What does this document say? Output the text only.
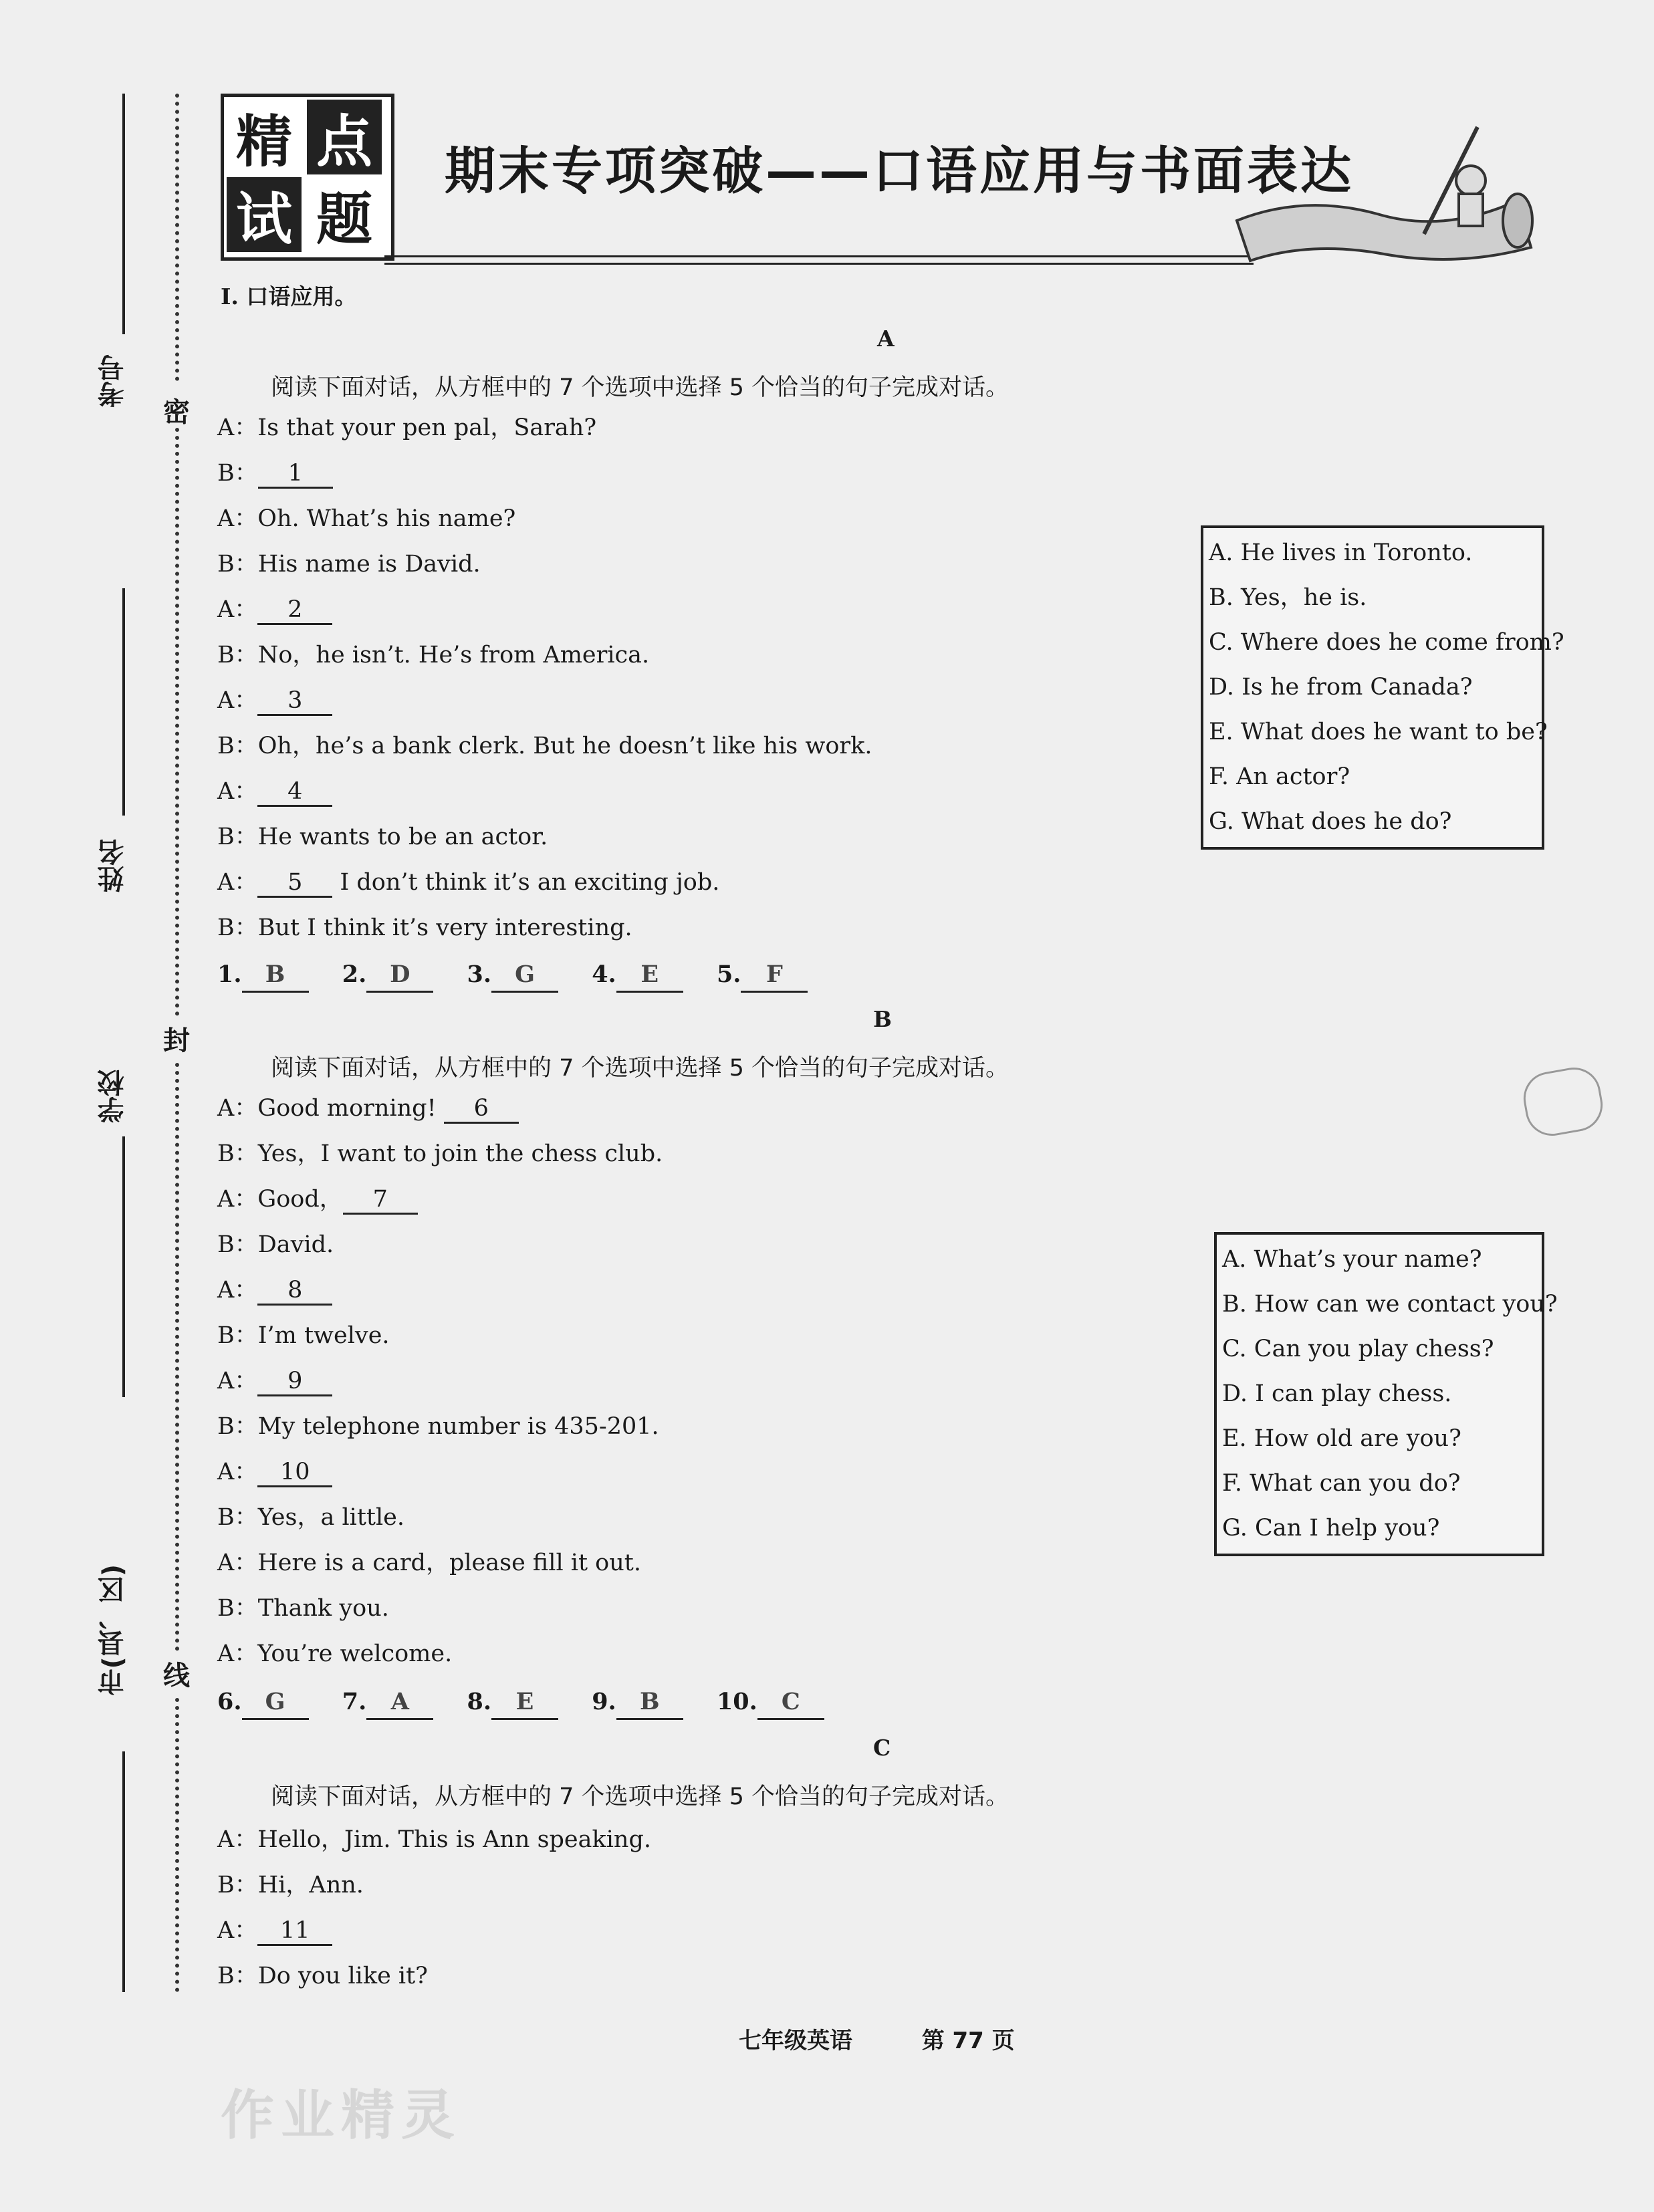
考号
姓名
学校
市(县、区)
密
封
线
精 点
试 题
期末专项突破——口语应用与书面表达
I. 口语应用。
A
阅读下面对话，从方框中的 7 个选项中选择 5 个恰当的句子完成对话。
A：Is that your pen pal，Sarah?
B： 1
A：Oh. What’s his name?
B：His name is David.
A： 2
B：No，he isn’t. He’s from America.
A： 3
B：Oh，he’s a bank clerk. But he doesn’t like his work.
A： 4
B：He wants to be an actor.
A： 5 I don’t think it’s an exciting job.
B：But I think it’s very interesting.
1. B 2. D 3. G 4. E 5. F
A. He lives in Toronto.
B. Yes，he is.
C. Where does he come from?
D. Is he from Canada?
E. What does he want to be?
F. An actor?
G. What does he do?
B
阅读下面对话，从方框中的 7 个选项中选择 5 个恰当的句子完成对话。
A：Good morning! 6
B：Yes，I want to join the chess club.
A：Good， 7
B：David.
A： 8
B：I’m twelve.
A： 9
B：My telephone number is 435-201.
A： 10
B：Yes，a little.
A：Here is a card，please fill it out.
B：Thank you.
A：You’re welcome.
6. G 7. A 8. E 9. B 10. C
A. What’s your name?
B. How can we contact you?
C. Can you play chess?
D. I can play chess.
E. How old are you?
F. What can you do?
G. Can I help you?
C
阅读下面对话，从方框中的 7 个选项中选择 5 个恰当的句子完成对话。
A：Hello，Jim. This is Ann speaking.
B：Hi，Ann.
A： 11
B：Do you like it?
七年级英语	第 77 页
作业精灵
